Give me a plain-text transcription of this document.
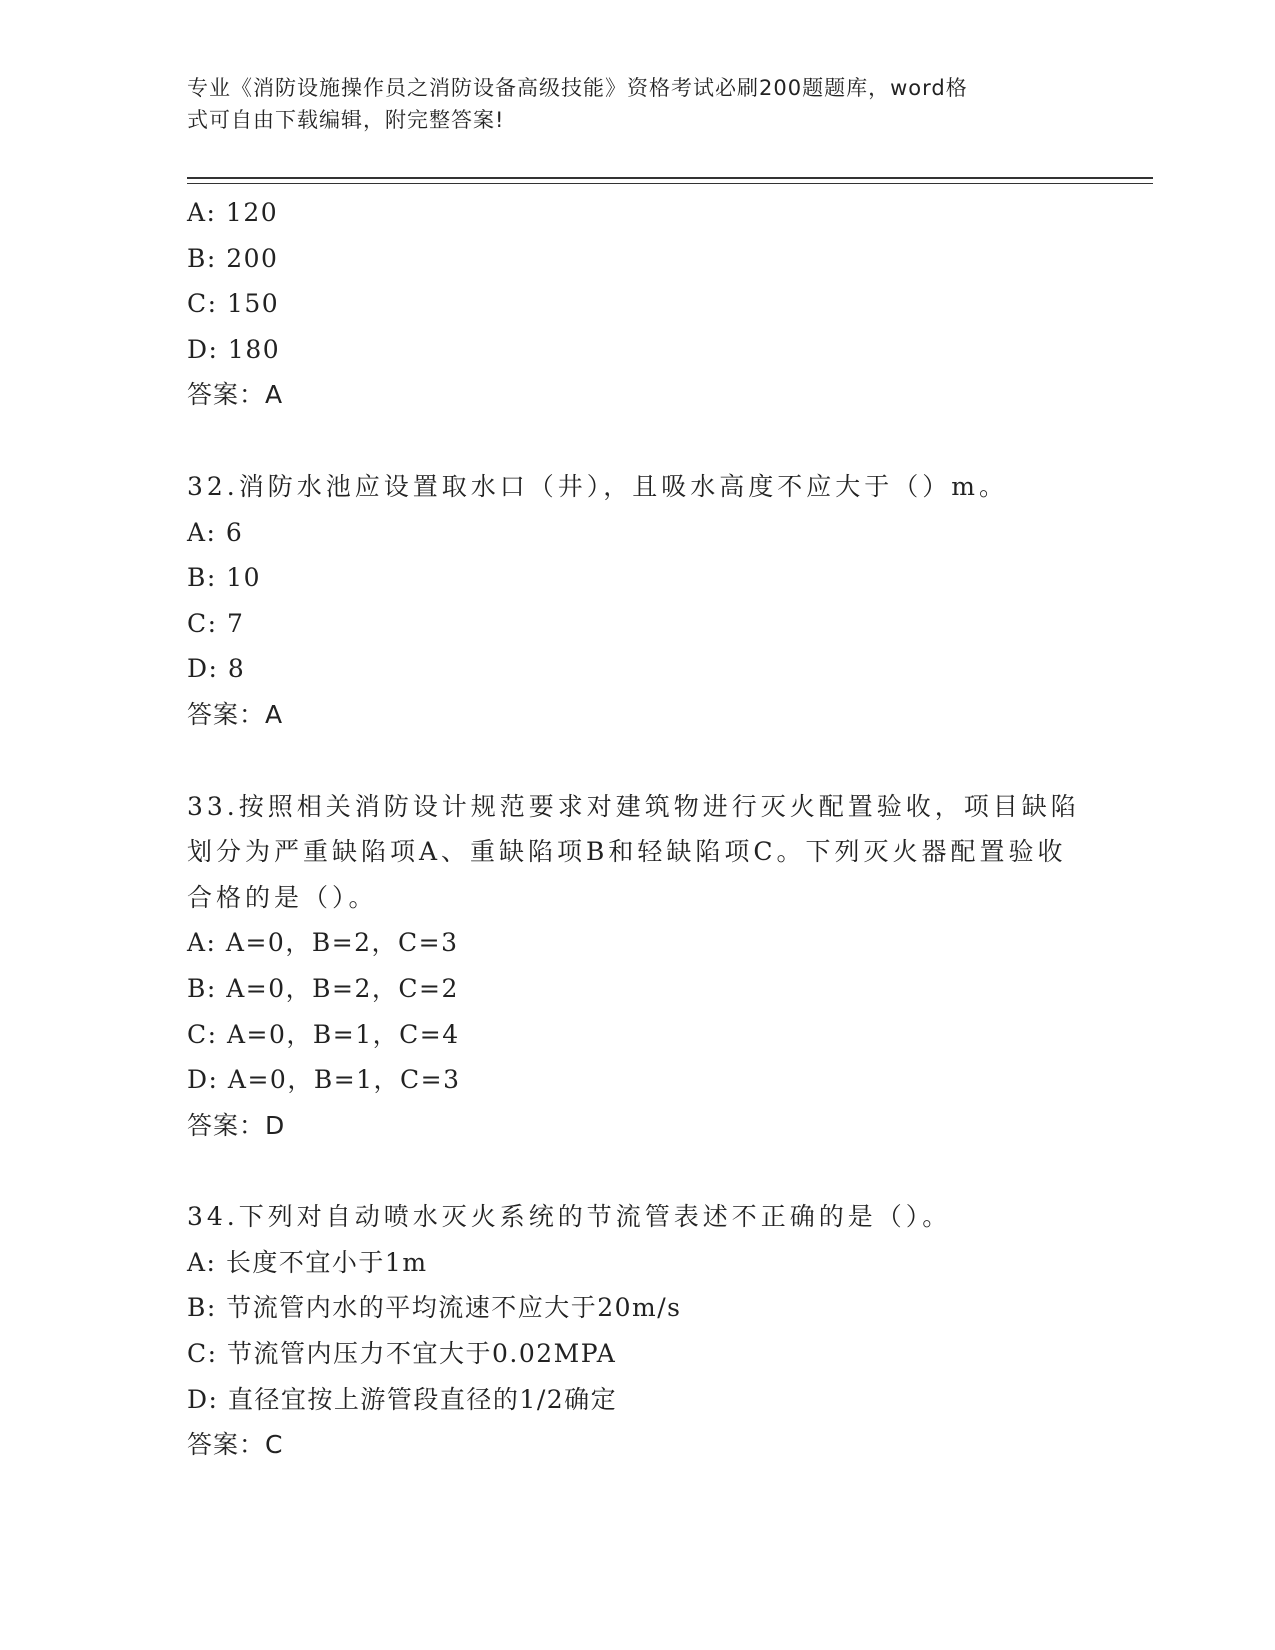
专业《消防设施操作员之消防设备高级技能》资格考试必刷200题题库，word格
式可自由下载编辑，附完整答案!
A: 120
B: 200
C: 150
D: 180
答案：A
32.消防水池应设置取水口（井），且吸水高度不应大于（）m。
A: 6
B: 10
C: 7
D: 8
答案：A
33.按照相关消防设计规范要求对建筑物进行灭火配置验收，项目缺陷
划分为严重缺陷项A、重缺陷项B和轻缺陷项C。下列灭火器配置验收
合格的是（）。
A: A=0，B=2，C=3
B: A=0，B=2，C=2
C: A=0，B=1，C=4
D: A=0，B=1，C=3
答案：D
34.下列对自动喷水灭火系统的节流管表述不正确的是（）。
A: 长度不宜小于1m
B: 节流管内水的平均流速不应大于20m/s
C: 节流管内压力不宜大于0.02MPA
D: 直径宜按上游管段直径的1/2确定
答案：C
